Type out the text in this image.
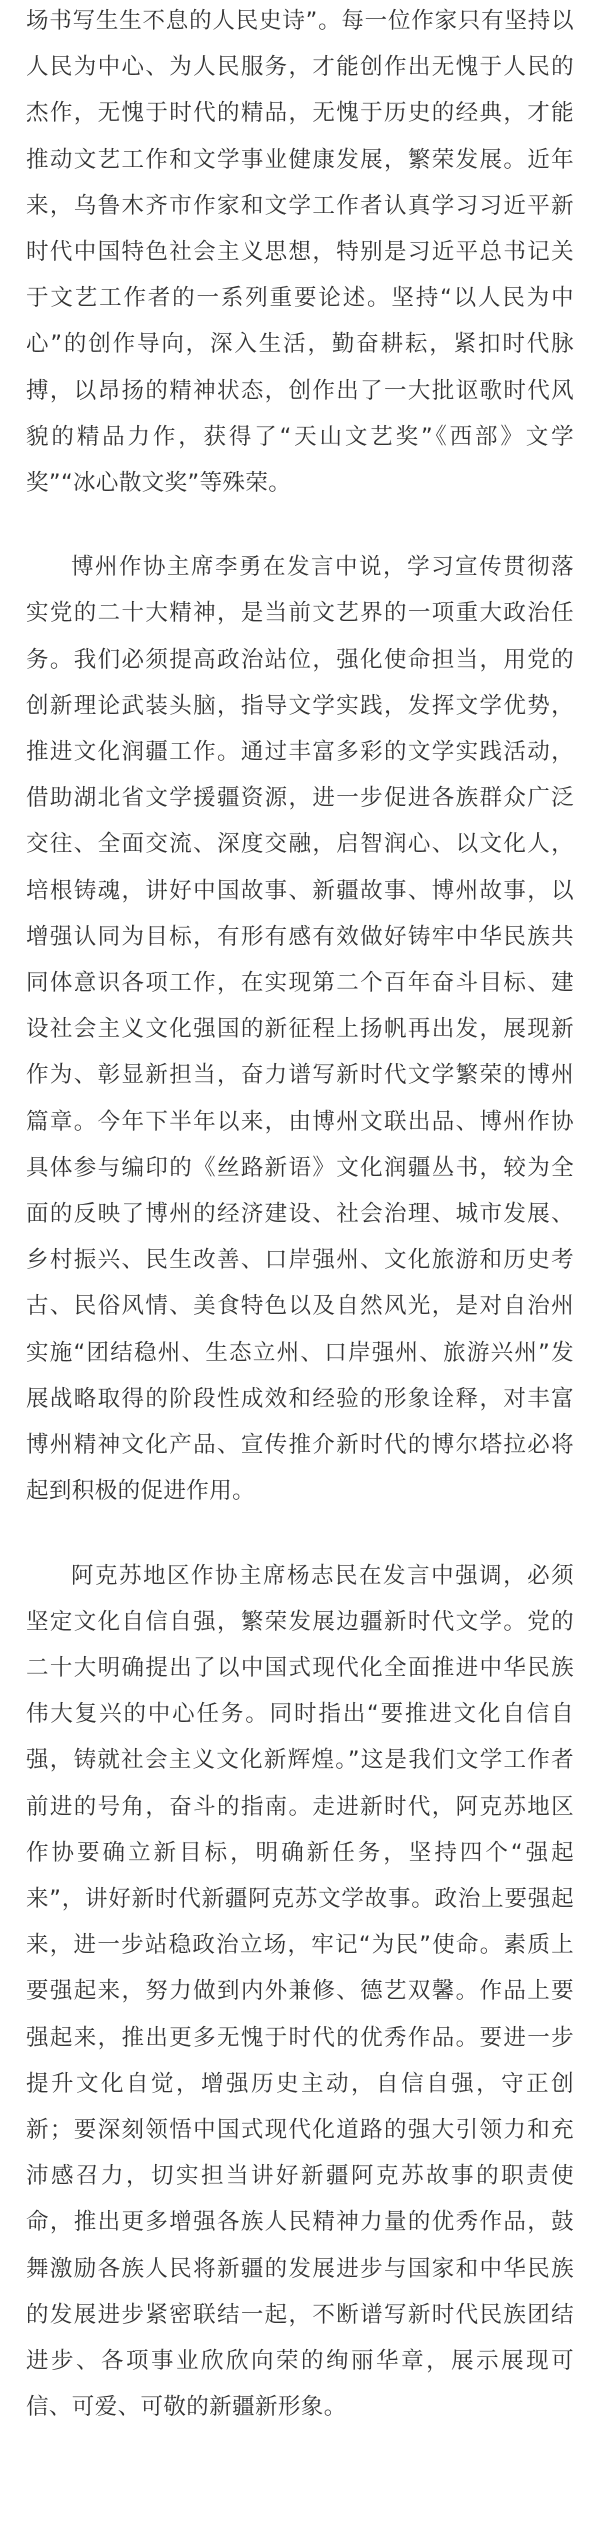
场书写生生不息的人民史诗”。每一位作家只有坚持以人民为中心、为人民服务，才能创作出无愧于人民的杰作，无愧于时代的精品，无愧于历史的经典，才能推动文艺工作和文学事业健康发展，繁荣发展。近年来，乌鲁木齐市作家和文学工作者认真学习习近平新时代中国特色社会主义思想，特别是习近平总书记关于文艺工作者的一系列重要论述。坚持“以人民为中心”的创作导向，深入生活，勤奋耕耘，紧扣时代脉搏，以昂扬的精神状态，创作出了一大批讴歌时代风貌的精品力作，获得了“天山文艺奖”《西部》文学奖”“冰心散文奖”等殊荣。

博州作协主席李勇在发言中说，学习宣传贯彻落实党的二十大精神，是当前文艺界的一项重大政治任务。我们必须提高政治站位，强化使命担当，用党的创新理论武装头脑，指导文学实践，发挥文学优势，推进文化润疆工作。通过丰富多彩的文学实践活动，借助湖北省文学援疆资源，进一步促进各族群众广泛交往、全面交流、深度交融，启智润心、以文化人，培根铸魂，讲好中国故事、新疆故事、博州故事，以增强认同为目标，有形有感有效做好铸牢中华民族共同体意识各项工作，在实现第二个百年奋斗目标、建设社会主义文化强国的新征程上扬帆再出发，展现新作为、彰显新担当，奋力谱写新时代文学繁荣的博州篇章。今年下半年以来，由博州文联出品、博州作协具体参与编印的《丝路新语》文化润疆丛书，较为全面的反映了博州的经济建设、社会治理、城市发展、乡村振兴、民生改善、口岸强州、文化旅游和历史考古、民俗风情、美食特色以及自然风光，是对自治州实施“团结稳州、生态立州、口岸强州、旅游兴州”发展战略取得的阶段性成效和经验的形象诠释，对丰富博州精神文化产品、宣传推介新时代的博尔塔拉必将起到积极的促进作用。

阿克苏地区作协主席杨志民在发言中强调，必须坚定文化自信自强，繁荣发展边疆新时代文学。党的二十大明确提出了以中国式现代化全面推进中华民族伟大复兴的中心任务。同时指出“要推进文化自信自强，铸就社会主义文化新辉煌。”这是我们文学工作者前进的号角，奋斗的指南。走进新时代，阿克苏地区作协要确立新目标，明确新任务，坚持四个“强起来”，讲好新时代新疆阿克苏文学故事。政治上要强起来，进一步站稳政治立场，牢记“为民”使命。素质上要强起来，努力做到内外兼修、德艺双馨。作品上要强起来，推出更多无愧于时代的优秀作品。要进一步提升文化自觉，增强历史主动，自信自强，守正创新；要深刻领悟中国式现代化道路的强大引领力和充沛感召力，切实担当讲好新疆阿克苏故事的职责使命，推出更多增强各族人民精神力量的优秀作品，鼓舞激励各族人民将新疆的发展进步与国家和中华民族的发展进步紧密联结一起，不断谱写新时代民族团结进步、各项事业欣欣向荣的绚丽华章，展示展现可信、可爱、可敬的新疆新形象。
